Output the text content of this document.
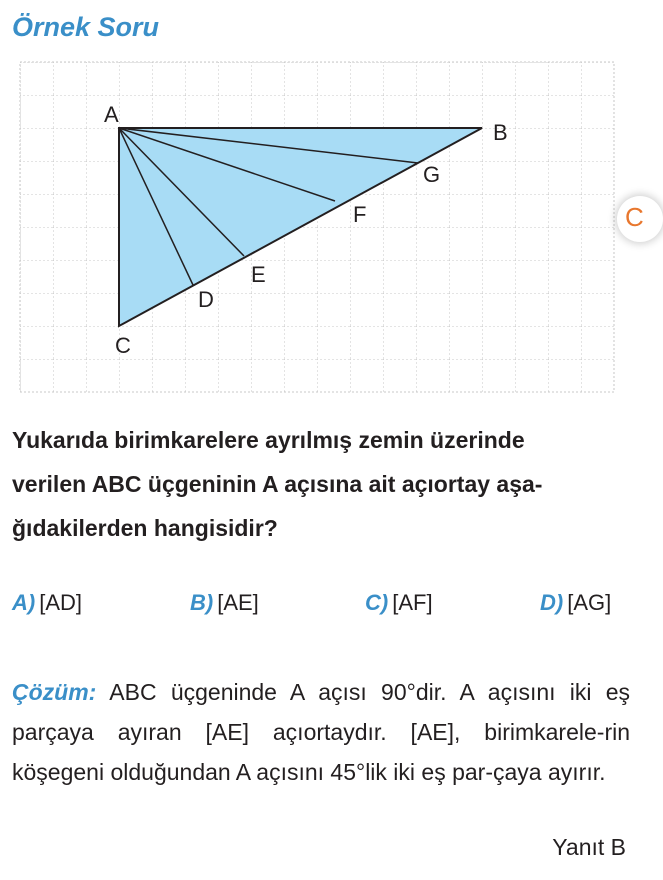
Örnek Soru
A
B
C
D
E
F
G
C
Yukarıda birimkarelere ayrılmış zemin üzerinde
verilen ABC üçgeninin A açısına ait açıortay aşa-
ğıdakilerden hangisidir?
A) [AD]	B) [AE]	C) [AF]	D) [AG]
Çözüm: ABC üçgeninde A açısı 90°dir. A açısını iki eş parçaya ayıran [AE] açıortaydır. [AE], birimkarele-rin köşegeni olduğundan A açısını 45°lik iki eş par-çaya ayırır.
Yanıt B
